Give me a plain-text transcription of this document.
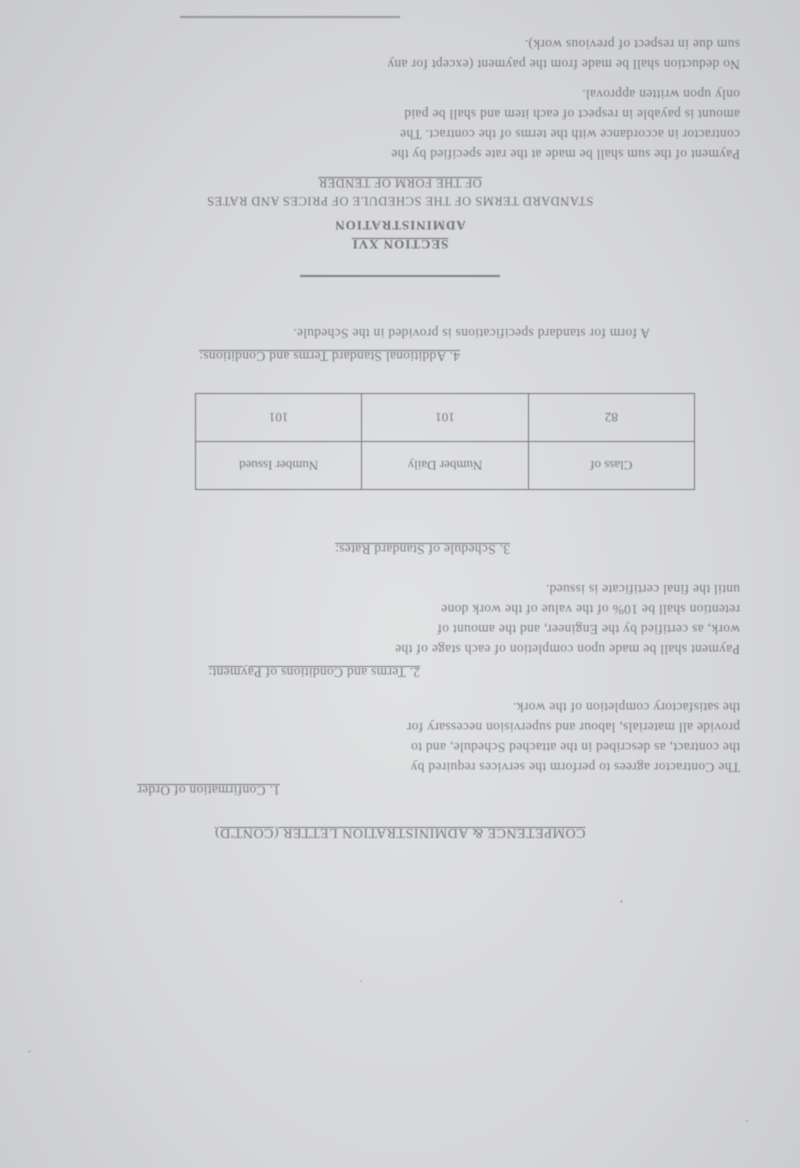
COMPETENCE & ADMINISTRATION LETTER (CONT'D)
1. Confirmation of Order
The Contractor agrees to perform the services required by
the contract, as described in the attached Schedule, and to
provide all materials, labour and supervision necessary for
the satisfactory completion of the work.
2. Terms and Conditions of Payment:
Payment shall be made upon completion of each stage of the
work, as certified by the Engineer, and the amount of
retention shall be 10% of the value of the work done
until the final certificate is issued.
3. Schedule of Standard Rates:
Class of	Number Daily	Number Issued
82	101	101
4. Additional Standard Terms and Conditions:
A form for standard specifications is provided in the Schedule.
SECTION XVI
ADMINISTRATION
STANDARD TERMS OF THE SCHEDULE OF PRICES AND RATES
OF THE FORM OF TENDER
Payment of the sum shall be made at the rate specified by the
contractor in accordance with the terms of the contract. The
amount is payable in respect of each item and shall be paid
only upon written approval.
No deduction shall be made from the payment (except for any
sum due in respect of previous work).
